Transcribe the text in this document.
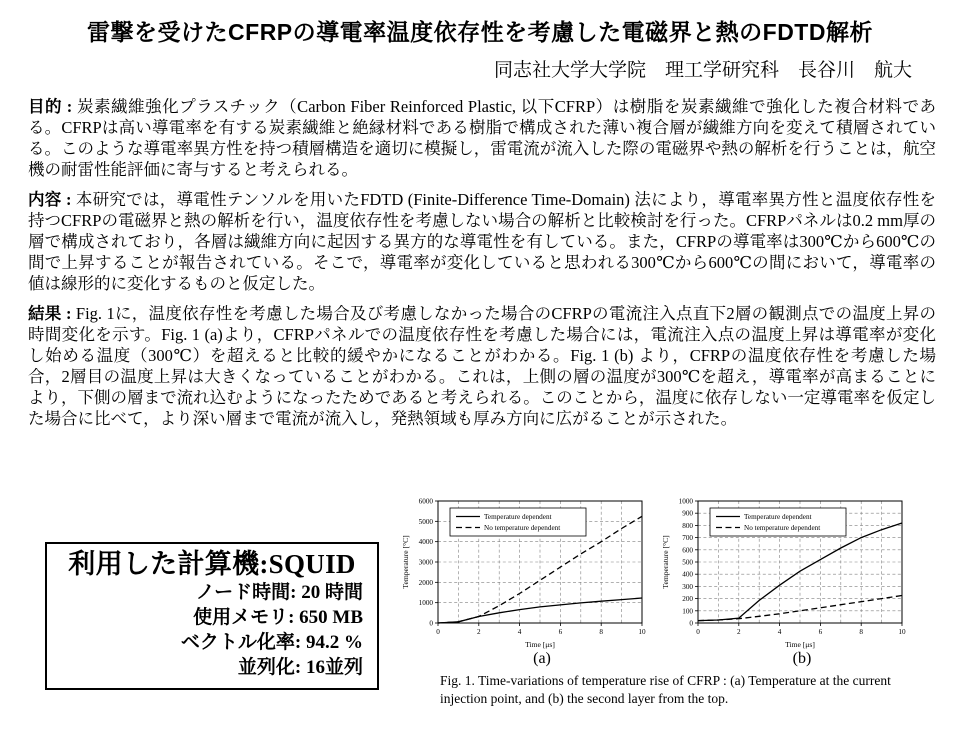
雷撃を受けたCFRPの導電率温度依存性を考慮した電磁界と熱のFDTD解析
同志社大学大学院　理工学研究科　長谷川　航大
目的 : 炭素繊維強化プラスチック（Carbon Fiber Reinforced Plastic, 以下CFRP）は樹脂を炭素繊維で強化した複合材料である。CFRPは高い導電率を有する炭素繊維と絶縁材料である樹脂で構成された薄い複合層が繊維方向を変えて積層されている。このような導電率異方性を持つ積層構造を適切に模擬し，雷電流が流入した際の電磁界や熱の解析を行うことは，航空機の耐雷性能評価に寄与すると考えられる。
内容 : 本研究では，導電性テンソルを用いたFDTD (Finite-Difference Time-Domain) 法により，導電率異方性と温度依存性を持つCFRPの電磁界と熱の解析を行い，温度依存性を考慮しない場合の解析と比較検討を行った。CFRPパネルは0.2 mm厚の層で構成されており，各層は繊維方向に起因する異方的な導電性を有している。また，CFRPの導電率は300℃から600℃の間で上昇することが報告されている。そこで，導電率が変化していると思われる300℃から600℃の間において，導電率の値は線形的に変化するものと仮定した。
結果 : Fig. 1に，温度依存性を考慮した場合及び考慮しなかった場合のCFRPの電流注入点直下2層の観測点での温度上昇の時間変化を示す。Fig. 1 (a)より，CFRPパネルでの温度依存性を考慮した場合には，電流注入点の温度上昇は導電率が変化し始める温度（300℃）を超えると比較的緩やかになることがわかる。Fig. 1 (b) より，CFRPの温度依存性を考慮した場合，2層目の温度上昇は大きくなっていることがわかる。これは，上側の層の温度が300℃を超え，導電率が高まることにより，下側の層まで流れ込むようになったためであると考えられる。このことから，温度に依存しない一定導電率を仮定した場合に比べて，より深い層まで電流が流入し，発熱領域も厚み方向に広がることが示された。
利用した計算機:SQUID
ノード時間: 20 時間
使用メモリ: 650 MB
ベクトル化率: 94.2 %
並列化: 16並列
0	2	4	6	8	10
0
1000
2000
3000
4000
5000
6000
Temperature dependent
No temperature dependent
Time [μs]
Temperature [°C]
0	2	4	6	8	10
0
100
200
300
400
500
600
700
800
900
1000
Temperature dependent
No temperature dependent
Time [μs]
Temperature [°C]
(a)	(b)
Fig. 1. Time-variations of temperature rise of CFRP : (a) Temperature at the current injection point, and (b) the second layer from the top.
